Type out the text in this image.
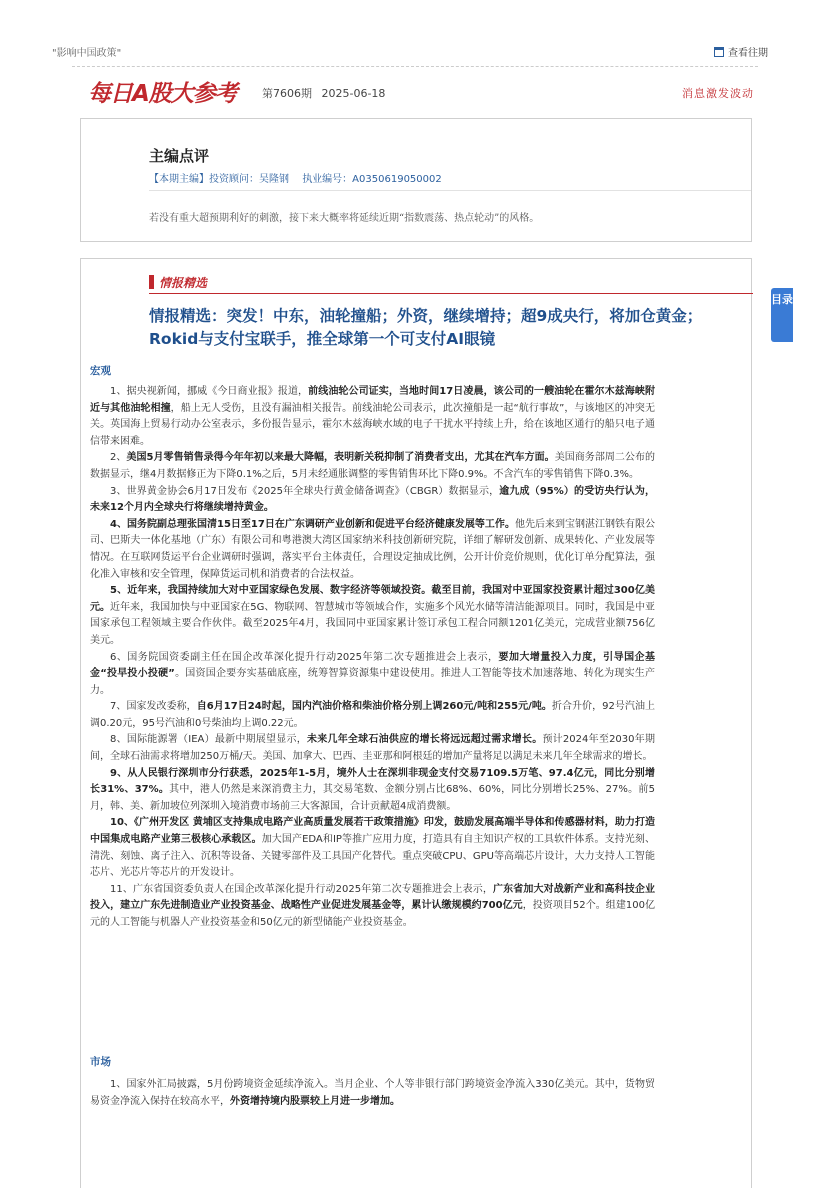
"影响中国政策"	查看往期
每日A股大参考 第7606期 2025-06-18	消息激发波动
主编点评
【本期主编】投资顾问：吴隆钢 执业编号：A0350619050002
若没有重大超预期利好的刺激，接下来大概率将延续近期“指数震荡、热点轮动”的风格。
情报精选
情报精选：突发！中东，油轮撞船；外资，继续增持；超9成央行，将加仓黄金；Rokid与支付宝联手，推全球第一个可支付AI眼镜
宏观

1、据央视新闻，挪威《今日商业报》报道，前线油轮公司证实，当地时间17日凌晨，该公司的一艘油轮在霍尔木兹海峡附近与其他油轮相撞，船上无人受伤，且没有漏油相关报告。前线油轮公司表示，此次撞船是一起“航行事故”，与该地区的冲突无关。英国海上贸易行动办公室表示，多份报告显示，霍尔木兹海峡水域的电子干扰水平持续上升，给在该地区通行的船只电子通信带来困难。

2、美国5月零售销售录得今年年初以来最大降幅，表明新关税抑制了消费者支出，尤其在汽车方面。美国商务部周二公布的数据显示，继4月数据修正为下降0.1%之后，5月未经通胀调整的零售销售环比下降0.9%。不含汽车的零售销售下降0.3%。

3、世界黄金协会6月17日发布《2025年全球央行黄金储备调查》（CBGR）数据显示，逾九成（95%）的受访央行认为，未来12个月内全球央行将继续增持黄金。

4、国务院副总理张国清15日至17日在广东调研产业创新和促进平台经济健康发展等工作。他先后来到宝钢湛江钢铁有限公司、巴斯夫一体化基地（广东）有限公司和粤港澳大湾区国家纳米科技创新研究院，详细了解研发创新、成果转化、产业发展等情况。在互联网货运平台企业调研时强调，落实平台主体责任，合理设定抽成比例，公开计价竞价规则，优化订单分配算法，强化准入审核和安全管理，保障货运司机和消费者的合法权益。

5、近年来，我国持续加大对中亚国家绿色发展、数字经济等领域投资。截至目前，我国对中亚国家投资累计超过300亿美元。近年来，我国加快与中亚国家在5G、物联网、智慧城市等领域合作，实施多个风光水储等清洁能源项目。同时，我国是中亚国家承包工程领域主要合作伙伴。截至2025年4月，我国同中亚国家累计签订承包工程合同额1201亿美元，完成营业额756亿美元。

6、国务院国资委副主任在国企改革深化提升行动2025年第二次专题推进会上表示，要加大增量投入力度，引导国企基金“投早投小投硬”。国资国企要夯实基础底座，统筹智算资源集中建设使用。推进人工智能等技术加速落地、转化为现实生产力。

7、国家发改委称，自6月17日24时起，国内汽油价格和柴油价格分别上调260元/吨和255元/吨。折合升价，92号汽油上调0.20元，95号汽油和0号柴油均上调0.22元。

8、国际能源署（IEA）最新中期展望显示，未来几年全球石油供应的增长将远远超过需求增长。预计2024年至2030年期间，全球石油需求将增加250万桶/天。美国、加拿大、巴西、圭亚那和阿根廷的增加产量将足以满足未来几年全球需求的增长。

9、从人民银行深圳市分行获悉，2025年1-5月，境外人士在深圳非现金支付交易7109.5万笔、97.4亿元，同比分别增长31%、37%。其中，港人仍然是来深消费主力，其交易笔数、金额分别占比68%、60%，同比分别增长25%、27%。前5月，韩、美、新加坡位列深圳入境消费市场前三大客源国，合计贡献超4成消费额。

10、《广州开发区 黄埔区支持集成电路产业高质量发展若干政策措施》印发，鼓励发展高端半导体和传感器材料，助力打造中国集成电路产业第三极核心承载区。加大国产EDA和IP等推广应用力度，打造具有自主知识产权的工具软件体系。支持光刻、清洗、刻蚀、离子注入、沉积等设备、关键零部件及工具国产化替代。重点突破CPU、GPU等高端芯片设计，大力支持人工智能芯片、光芯片等芯片的开发设计。

11、广东省国资委负责人在国企改革深化提升行动2025年第二次专题推进会上表示，广东省加大对战新产业和高科技企业投入，建立广东先进制造业产业投资基金、战略性产业促进发展基金等，累计认缴规模约700亿元，投资项目52个。组建100亿元的人工智能与机器人产业投资基金和50亿元的新型储能产业投资基金。

市场

1、国家外汇局披露，5月份跨境资金延续净流入。当月企业、个人等非银行部门跨境资金净流入330亿美元。其中，货物贸易资金净流入保持在较高水平，外资增持境内股票较上月进一步增加。

目录
